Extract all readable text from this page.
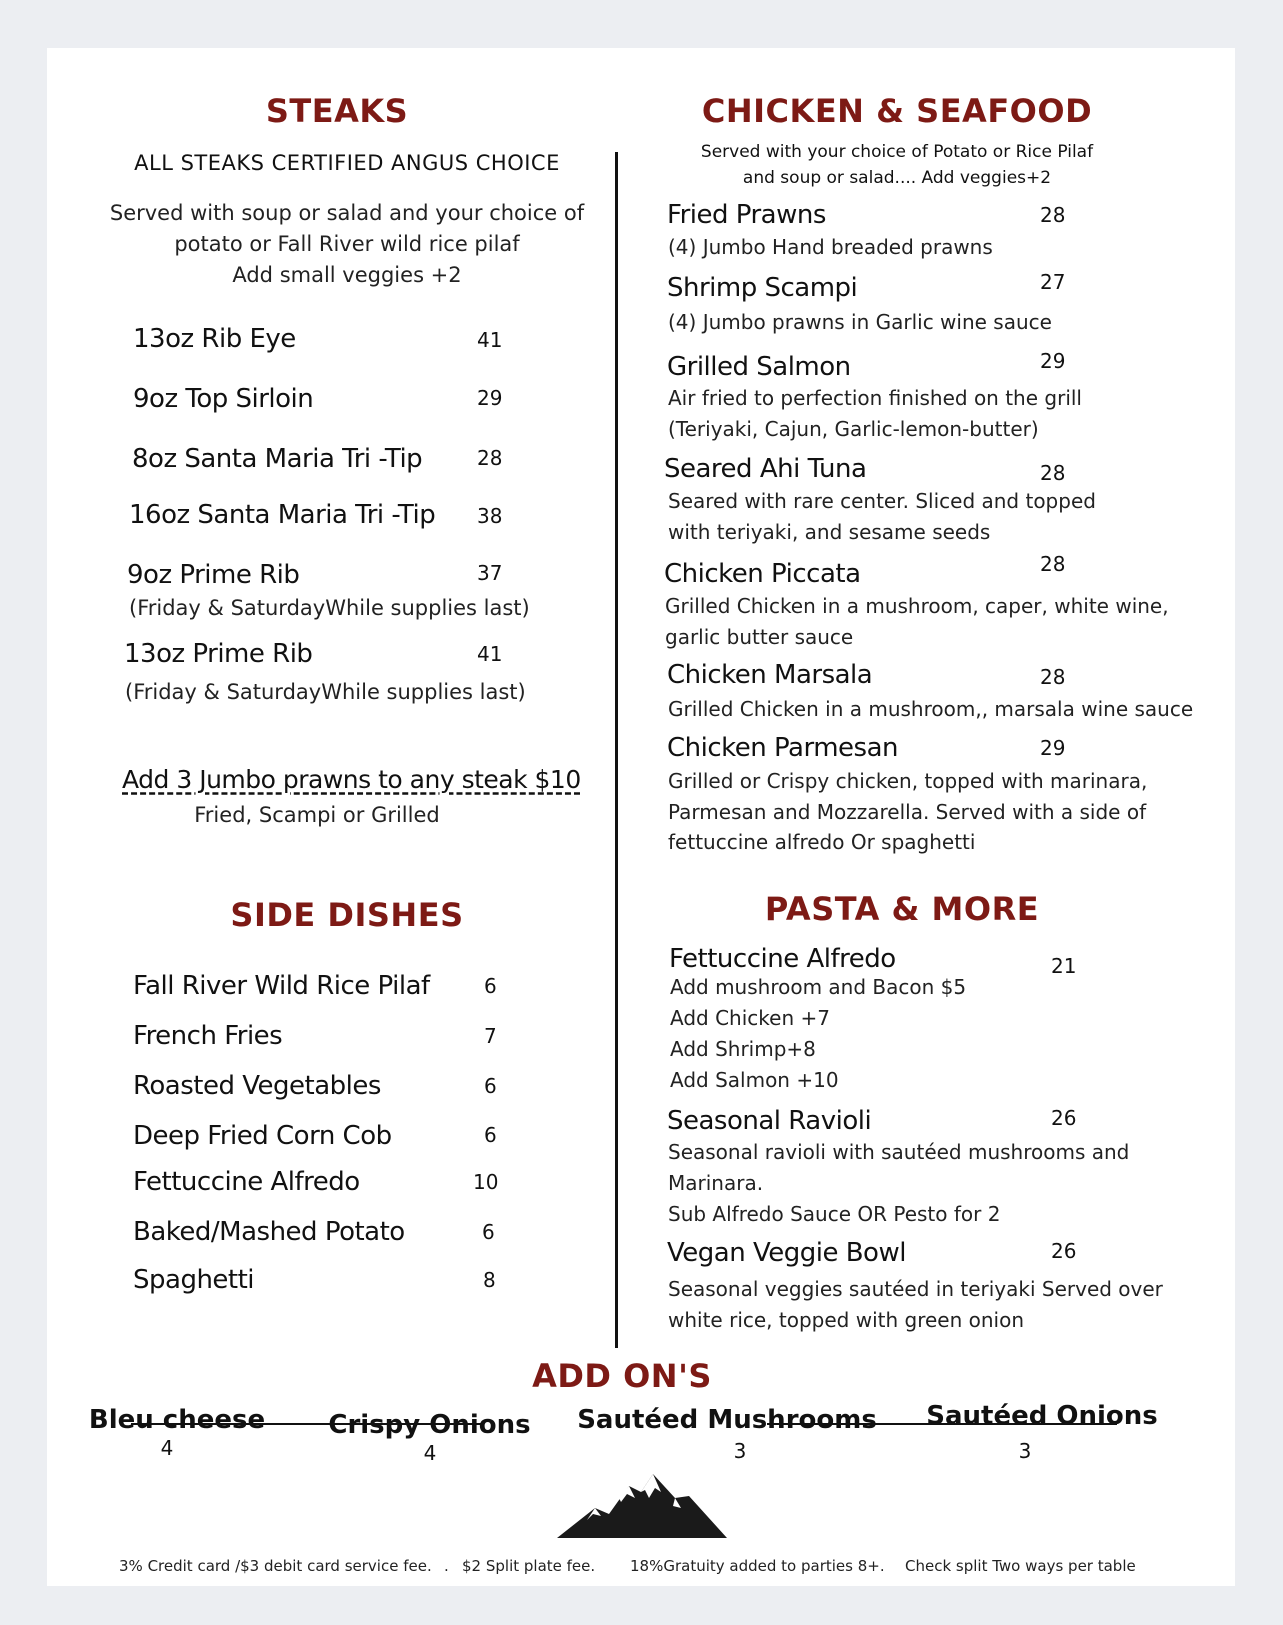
STEAKS
ALL STEAKS CERTIFIED ANGUS CHOICE
Served with soup or salad and your choice of
potato or Fall River wild rice pilaf
Add small veggies +2
13oz Rib Eye	41
9oz Top Sirloin	29
8oz Santa Maria Tri -Tip	28
16oz Santa Maria Tri -Tip 38
9oz Prime Rib	37
(Friday & SaturdayWhile supplies last)
13oz Prime Rib	41
(Friday & SaturdayWhile supplies last)
Add 3 Jumbo prawns to any steak $10
Fried, Scampi or Grilled
SIDE DISHES
Fall River Wild Rice Pilaf	6
French Fries	7
Roasted Vegetables	6
Deep Fried Corn Cob	6
Fettuccine Alfredo	10
Baked/Mashed Potato	6
Spaghetti	8
CHICKEN & SEAFOOD
Served with your choice of Potato or Rice Pilaf
and soup or salad.... Add veggies+2
Fried Prawns	28
(4) Jumbo Hand breaded prawns
Shrimp Scampi	27
(4) Jumbo prawns in Garlic wine sauce
Grilled Salmon	29
Air fried to perfection finished on the grill
(Teriyaki, Cajun, Garlic-lemon-butter)
Seared Ahi Tuna	28
Seared with rare center. Sliced and topped
with teriyaki, and sesame seeds
Chicken Piccata	28
Grilled Chicken in a mushroom, caper, white wine,
garlic butter sauce
Chicken Marsala	28
Grilled Chicken in a mushroom,, marsala wine sauce
Chicken Parmesan	29
Grilled or Crispy chicken, topped with marinara,
Parmesan and Mozzarella. Served with a side of
fettuccine alfredo Or spaghetti
PASTA & MORE
Fettuccine Alfredo	21
Add mushroom and Bacon $5
Add Chicken +7
Add Shrimp+8
Add Salmon +10
Seasonal Ravioli	26
Seasonal ravioli with sautéed mushrooms and
Marinara.
Sub Alfredo Sauce OR Pesto for 2
Vegan Veggie Bowl	26
Seasonal veggies sautéed in teriyaki Served over
white rice, topped with green onion
ADD ON'S
Bleu cheese
4
Crispy Onions
4
Sautéed Mushrooms
3
Sautéed Onions
3
3% Credit card /$3 debit card service fee. . $2 Split plate fee. 18%Gratuity added to parties 8+. Check split Two ways per table
